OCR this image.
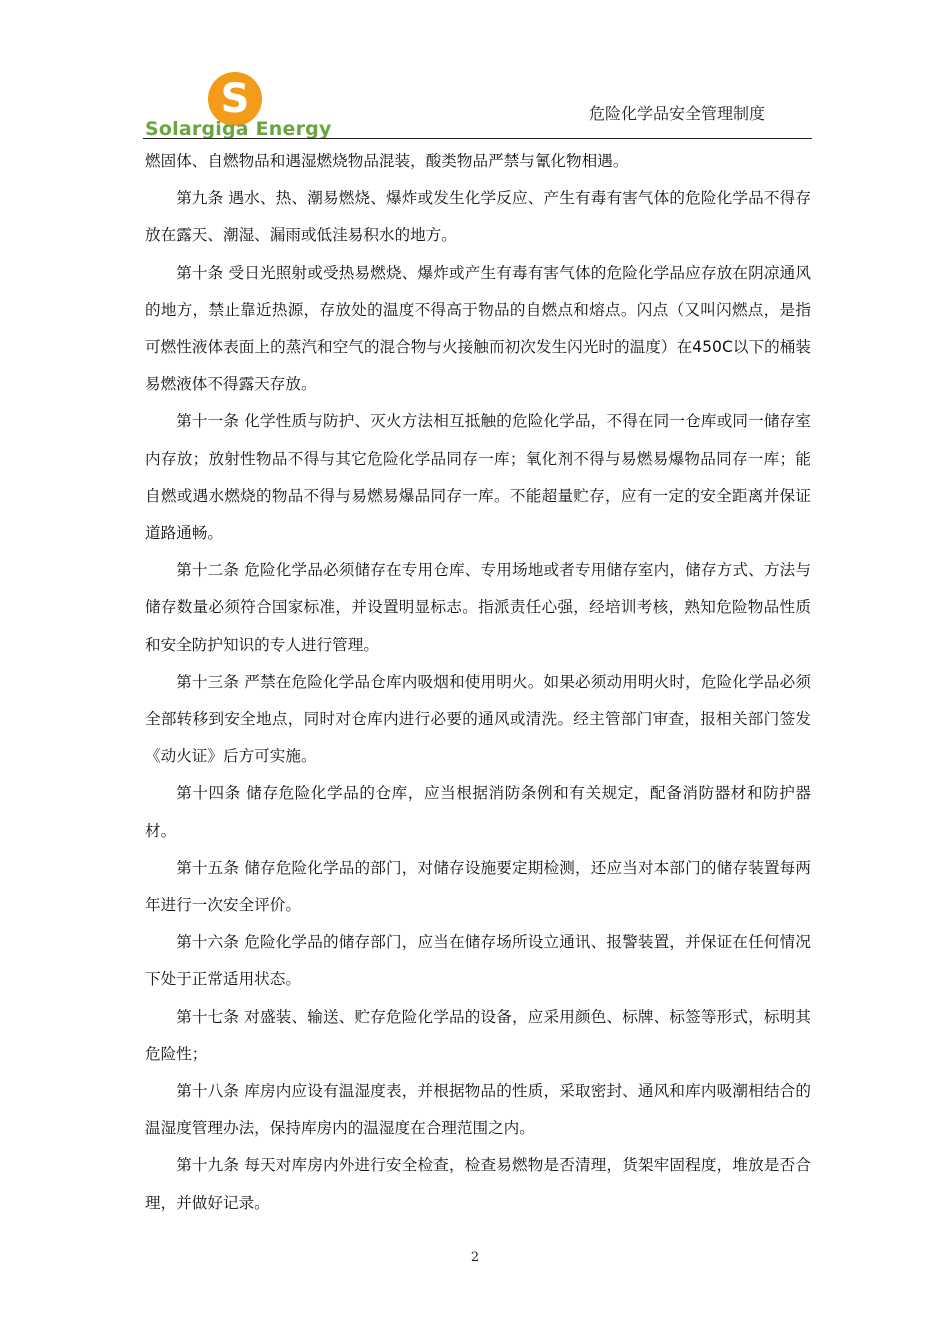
S
Solargiga Energy
危险化学品安全管理制度

燃固体、自燃物品和遇湿燃烧物品混装，酸类物品严禁与氰化物相遇。

第九条 遇水、热、潮易燃烧、爆炸或发生化学反应、产生有毒有害气体的危险化学品不得存放在露天、潮湿、漏雨或低洼易积水的地方。

第十条 受日光照射或受热易燃烧、爆炸或产生有毒有害气体的危险化学品应存放在阴凉通风的地方，禁止靠近热源，存放处的温度不得高于物品的自燃点和熔点。闪点（又叫闪燃点，是指可燃性液体表面上的蒸汽和空气的混合物与火接触而初次发生闪光时的温度）在450C以下的桶装易燃液体不得露天存放。

第十一条 化学性质与防护、灭火方法相互抵触的危险化学品，不得在同一仓库或同一储存室内存放；放射性物品不得与其它危险化学品同存一库；氧化剂不得与易燃易爆物品同存一库；能自燃或遇水燃烧的物品不得与易燃易爆品同存一库。不能超量贮存，应有一定的安全距离并保证道路通畅。

第十二条 危险化学品必须储存在专用仓库、专用场地或者专用储存室内，储存方式、方法与储存数量必须符合国家标准，并设置明显标志。指派责任心强，经培训考核，熟知危险物品性质和安全防护知识的专人进行管理。

第十三条 严禁在危险化学品仓库内吸烟和使用明火。如果必须动用明火时，危险化学品必须全部转移到安全地点，同时对仓库内进行必要的通风或清洗。经主管部门审查，报相关部门签发《动火证》后方可实施。

第十四条 储存危险化学品的仓库，应当根据消防条例和有关规定，配备消防器材和防护器材。

第十五条 储存危险化学品的部门，对储存设施要定期检测，还应当对本部门的储存装置每两年进行一次安全评价。

第十六条 危险化学品的储存部门，应当在储存场所设立通讯、报警装置，并保证在任何情况下处于正常适用状态。

第十七条 对盛装、输送、贮存危险化学品的设备，应采用颜色、标牌、标签等形式，标明其危险性；

第十八条 库房内应设有温湿度表，并根据物品的性质，采取密封、通风和库内吸潮相结合的温湿度管理办法，保持库房内的温湿度在合理范围之内。

第十九条 每天对库房内外进行安全检查，检查易燃物是否清理，货架牢固程度，堆放是否合理，并做好记录。

2
